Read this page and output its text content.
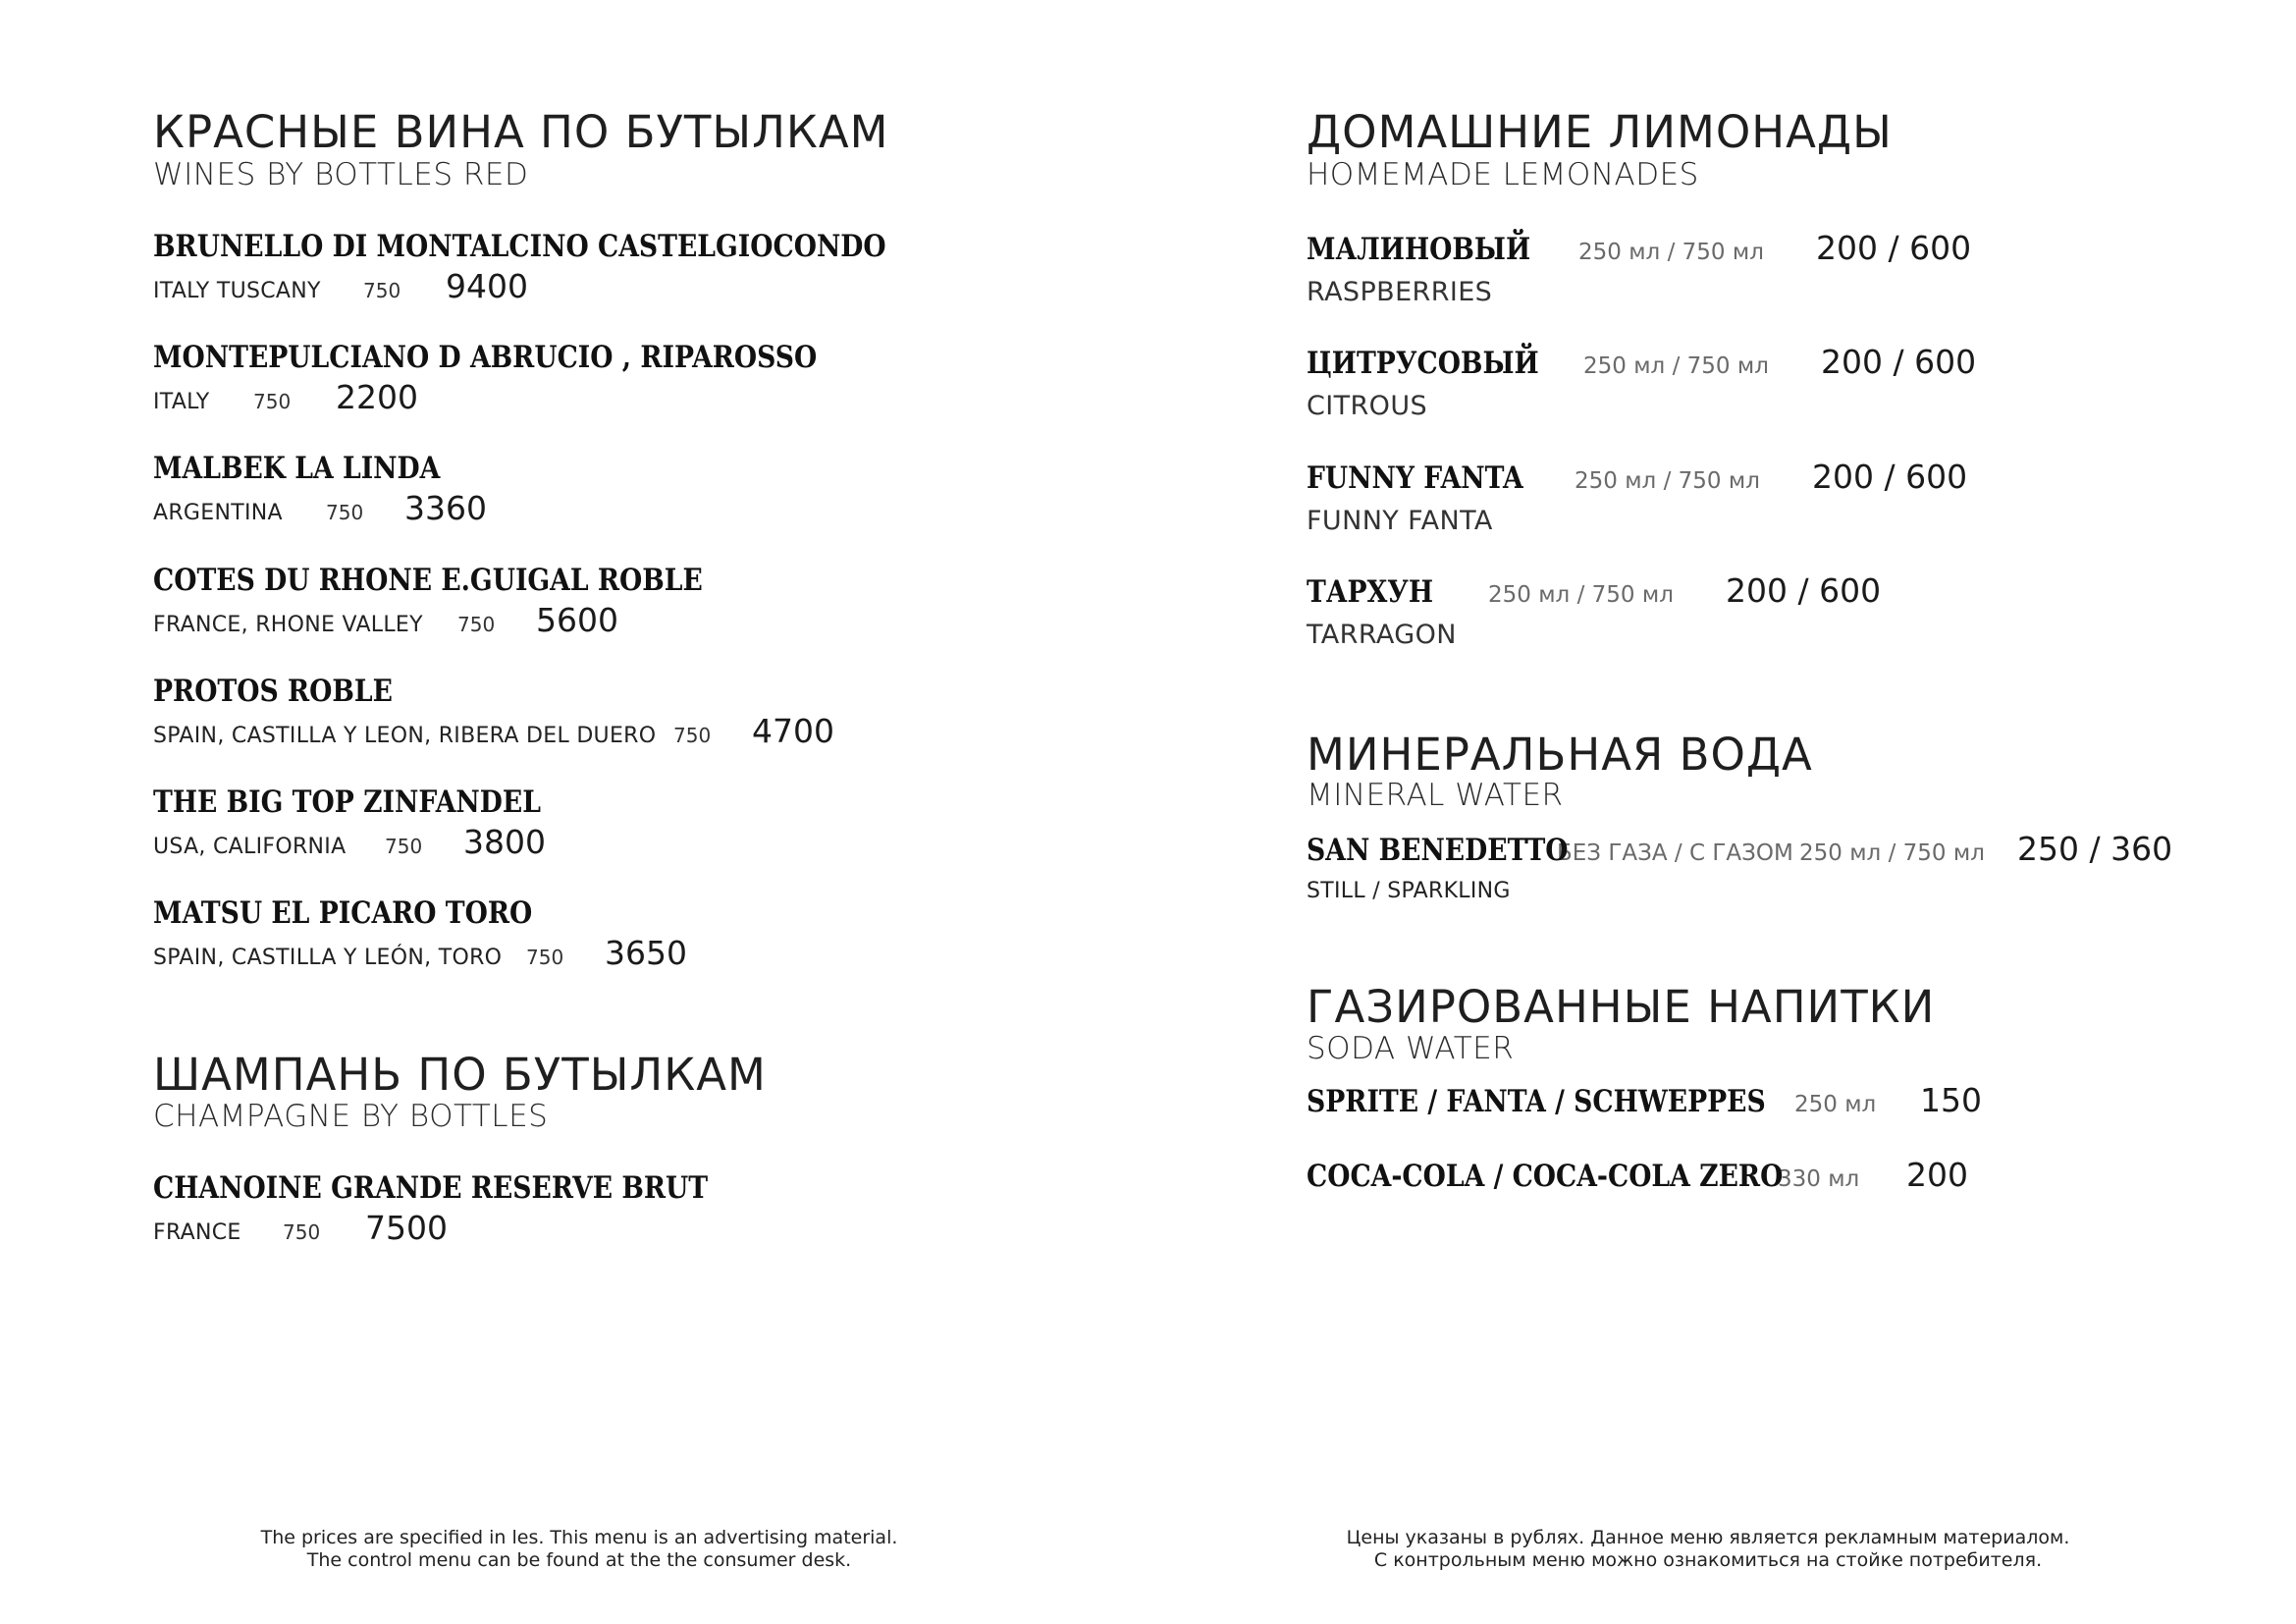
КРАСНЫЕ ВИНА ПО БУТЫЛКАМ
WINES BY BOTTLES RED
BRUNELLO DI MONTALCINO CASTELGIOCONDO
ITALY TUSCANY	750	9400
MONTEPULCIANO D ABRUCIO , RIPAROSSO
ITALY	750	2200
MALBEK LA LINDA
ARGENTINA	750	3360
COTES DU RHONE E.GUIGAL ROBLE
FRANCE, RHONE VALLEY	750	5600
PROTOS ROBLE
SPAIN, CASTILLA Y LEON, RIBERA DEL DUERO 750	4700
THE BIG TOP ZINFANDEL
USA, CALIFORNIA	750	3800
MATSU EL PICARO TORO
SPAIN, CASTILLA Y LEÓN, TORO	750	3650
ШАМПАНЬ ПО БУТЫЛКАМ
CHAMPAGNE BY BOTTLES
CHANOINE GRANDE RESERVE BRUT
FRANCE	750	7500
ДОМАШНИЕ ЛИМОНАДЫ
HOMEMADE LEMONADES
МАЛИНОВЫЙ	250 мл / 750 мл	200 / 600
RASPBERRIES
ЦИТРУСОВЫЙ 250 мл / 750 мл	200 / 600
CITROUS
FUNNY FANTA	250 мл / 750 мл	200 / 600
FUNNY FANTA
ТАРХУН	250 мл / 750 мл	200 / 600
TARRAGON
МИНЕРАЛЬНАЯ ВОДА
MINERAL WATER
SAN BENEDETTO
БЕЗ ГАЗА / С ГАЗОМ 250 мл / 750 мл	250 / 360
STILL / SPARKLING
ГАЗИРОВАННЫЕ НАПИТКИ
SODA WATER
SPRITE / FANTA / SCHWEPPES 250 мл	150
COCA-COLA / COCA-COLA ZERO
330 мл	200
The prices are specified in les. This menu is an advertising material.
The control menu can be found at the the consumer desk.
Цены указаны в рублях. Данное меню является рекламным материалом.
С контрольным меню можно ознакомиться на стойке потребителя.
